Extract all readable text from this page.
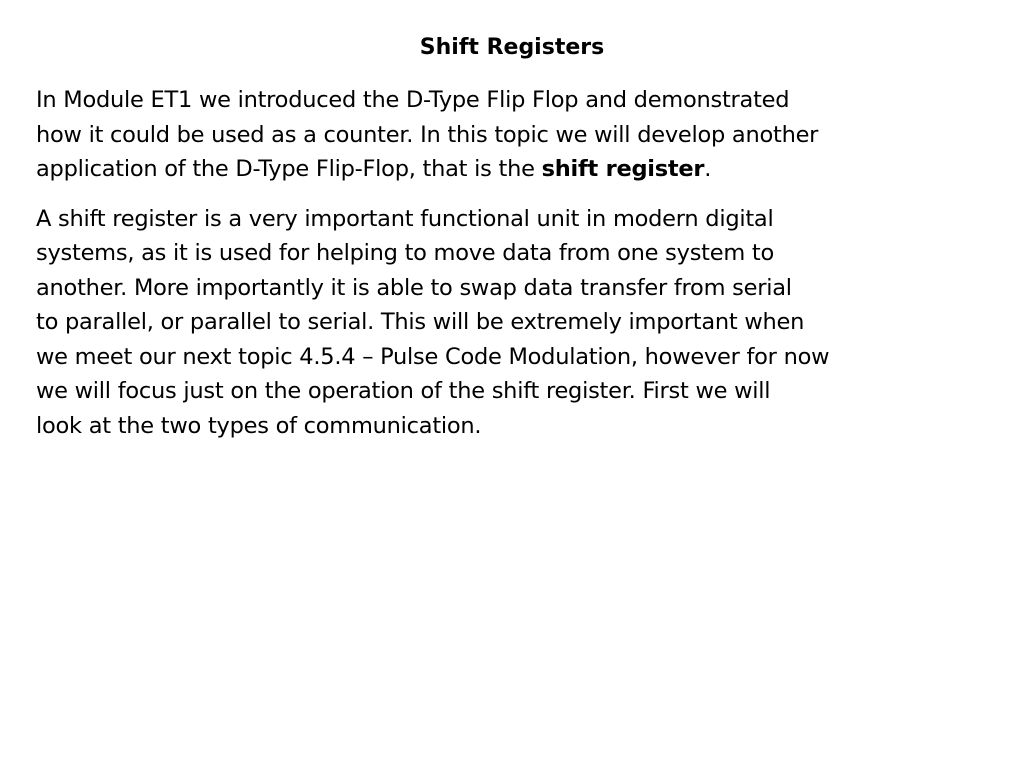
Shift Registers

In Module ET1 we introduced the D-Type Flip Flop and demonstrated
how it could be used as a counter. In this topic we will develop another
application of the D-Type Flip-Flop, that is the shift register.

A shift register is a very important functional unit in modern digital
systems, as it is used for helping to move data from one system to
another. More importantly it is able to swap data transfer from serial
to parallel, or parallel to serial. This will be extremely important when
we meet our next topic 4.5.4 – Pulse Code Modulation, however for now
we will focus just on the operation of the shift register. First we will
look at the two types of communication.
